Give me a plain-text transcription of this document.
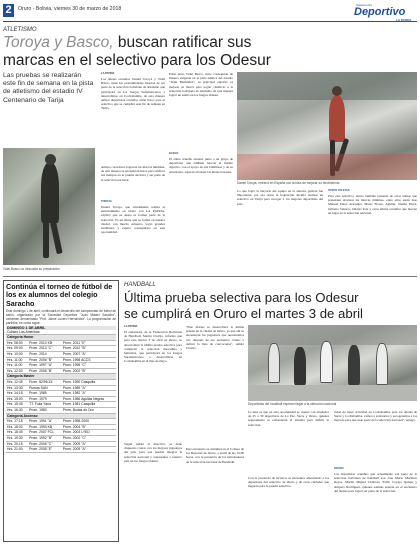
2	Oruro - Bolivia, viernes 30 de marzo de 2018
Suplemento
Deportivo
LA PATRIA
ATLETISMO
Toroya y Basco, buscan ratificar sus
marcas en el selectivo para los Odesur
Las pruebas se realizarán este fin de semana en la pista de atletismo del estadio IV Centenario de Tarija
Vidal Basco no descuida su preparación
LA PATRIA
Los atletas orureños Daniel Toroya y Vidal Basco, tiene las probabilidades intactas de ser parte de la selección boliviana de atletismo que participará en los Juegos Suramericanos a desarrollarse en Cochabamba, de esta manera ambos deportistas orureños están listos para el selectivo que se cumplirá este fin de semana en Tarija.
Ambos corredores lograron las marcas mínimas, de esta manera se encuentran listos para ratificar sus tiempos en la prueba decisiva y ser parte de la selección nacional.
TOROYA
Daniel Toroya, que actualmente realiza el entrenamiento en Oruro con LA PATRIA, explicó que su deseo es formar parte de la selección. Es un atleta que se formó en nuestra ciudad, con mucho esfuerzo, logró grandes resultados y espera conseguirlos en esta oportunidad.
Entre tanto Vidal Basco, tiene conseguido de manera exigente en la pista atlética del estadio "Jesús Bermúdez", su principal objetivo es mejorar su marca para lograr clasificar a la selección boliviana de atletismo de esta manera lograr un sueño en los Juegos Odesur.
BASCO
El atleta orureño entrena junto a un grupo de deportistas que también buscan el mismo objetivo, con el apoyo de sus familiares y de su entrenador, esperan alcanzar las metas trazadas.
Daniel Toroya, entrenó en España con la idea de mejorar su rendimiento
Lo que logró la mayoría del equipo en la anterior gestión fue importante, por esa razón la federación decidió realizar un selectivo en Tarija para escoger a los mejores deportistas del país.
OTROS ATLETAS
Para este selectivo, Oruro también presenta de otros atletas que pretenden alcanzar las marcas mínimas, entre ellos están Jose Manuel Pérez Aruquipa, Mario Flores, Aguilar, Naima Pérez, Gilberto Velasco, Odalys Tola y otros atletas orureños que buscan un lugar en la selección nacional.
Continúa el torneo de fútbol de los ex alumnos del colegio Saracho
Este domingo 1 de abril, continuará el desarrollo del campeonato de fútbol de salón, organizado por la Sociedad Deportiva "Juan Misael Saracho", certamen denominado "Prof. Jaime Lucero Hernández". La programación de partidos, es como sigue:
DOMINGO 1 DE ABRIL
Coliseo Las Americas
Categoría Honor		
Hrs. 08:00	Prom. 2010 KB	Prom. 2011 "E"
Hrs. 09:00	Prom. 2013 "C"	Prom. 2012 "B"
Hrs. 10:00	Prom. 2014	Prom. 2007 "A"
Hrs. 11:00	Prom. 2006 "B"	Prom. 1998 ACCS
Hrs. 11:00	Prom. 1997 "A"	Prom. 1996 "C"
Hrs. 12:00	Prom. 2005 "B"	Prom. 2002 "B"
Categoría Master		
Hrs. 12:45	Prom. 82/96 Z4	Prom. 1990 Casquilla
Hrs. 13:30	Pumas SAN	Prom. 1989 "A"
Hrs. 14:15	Prom. 1985	Prom. 1982 "A"
Hrs. 15:00	Prom. 1979	Prom. 1986 Aguilas Negras
Hrs. 15:45	TT. Fuka Yana	Prom. 1981 Casquilla
Hrs. 16:30	Prom. 1980	Prom. Bodas de Oro
Categoría Ascenso		
Hrs. 17:15	Prom. 1991 "A"	Prom. 1998-2000
Hrs. 18:00	Prom. 1993 KB	Prom. 2004 "B"
Hrs. 18:45	Prom. 2007 FCL	Prom. 2003 LYED
Hrs. 19:30	Prom. 1992 "B"	Prom. 2002 "C"
Hrs. 20:15	Prom. 2006 "C"	Prom. 2009 "A"
Hrs. 21:00	Prom. 2008 "E"	Prom. 2005 "A"
HANDBALL
Última prueba selectiva para los Odesur
se cumplirá en Oruro el martes 3 de abril
LA PATRIA
El entrenador de la Federación Boliviana de Handball, Martín Clavijo, informó que para este martes 3 de abril en Oruro, se desarrollará la última prueba selectiva para completar la selección masculina y femenina, que participará en los Juegos Suramericanos a desarrollarse en Cochabamba en el mes de mayo.
Según señaló el directivo, se tiene dispuesto contar con los mejores jugadores del país, para que puedan integrar la selección nacional y representar a nuestro país en los Juegos Odesur.
"Este martes se desarrollará la última prueba en la ciudad de Oruro, ya que ahí se encuentran los jugadores que necesitamos ver, después de ese encuentro vamos a definir la lista de convocados", señaló Clavijo.
Este encuentro se cumplirá en el Coliseo de los Deportes de Oruro, a partir de las 19:00 horas, con la presencia de los entrenadores de la selección nacional de Handball.
Deportistas del handball esperan llegar a la selección nacional
La idea es que en esta oportunidad se cuente con alrededor de 25 a 30 deportistas de La Paz, Sucre y Oruro, quienes seguramente se enfrentarán al sistema para definir la selección.
Con la presencia de técnicos se encuentra adiestrando a los deportistas del selectivo de Oruro y de otras ciudades que llegarán para la prueba selectiva.
cidad de tener actividad en Cochabamba para los atletas de Sucre y Cochabamba, vamos a evaluarlos y escogeremos a los mejores para que sean parte de la selección nacional", agregó.
ORURO
Los deportistas orureños que actualmente son parte de la selección boliviana de handball son Jose Mario Martínez Reyes, Martín Miguel Chilavas, Pablo Copaja Quispe y Amparo Rodríguez, quienes además estarán en el encuentro del martes para lograr ser parte de la selección.
